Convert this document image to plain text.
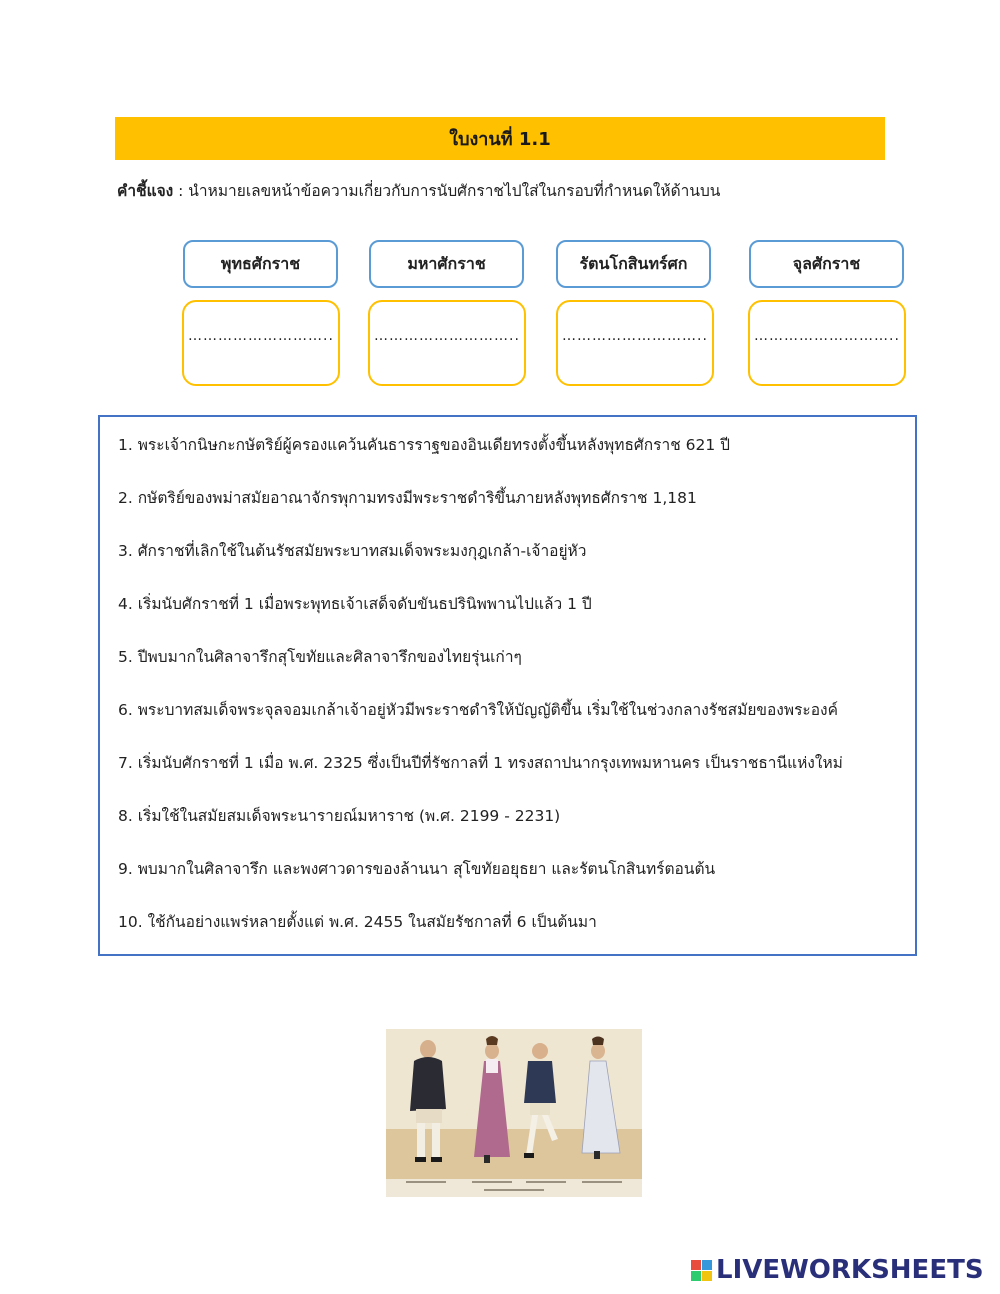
ใบงานที่ 1.1
คำชี้แจง : นำหมายเลขหน้าข้อความเกี่ยวกับการนับศักราชไปใส่ในกรอบที่กำหนดให้ด้านบน
พุทธศักราช	มหาศักราช	รัตนโกสินทร์ศก	จุลศักราช
………………………..	………………………..	………………………..	………………………..
1. พระเจ้ากนิษกะกษัตริย์ผู้ครองแคว้นคันธารราฐของอินเดียทรงตั้งขึ้นหลังพุทธศักราช 621 ปี
2. กษัตริย์ของพม่าสมัยอาณาจักรพุกามทรงมีพระราชดำริขึ้นภายหลังพุทธศักราช 1,181
3. ศักราชที่เลิกใช้ในต้นรัชสมัยพระบาทสมเด็จพระมงกุฎเกล้า-เจ้าอยู่หัว
4. เริ่มนับศักราชที่ 1 เมื่อพระพุทธเจ้าเสด็จดับขันธปรินิพพานไปแล้ว 1 ปี
5. ปีพบมากในศิลาจารึกสุโขทัยและศิลาจารึกของไทยรุ่นเก่าๆ
6. พระบาทสมเด็จพระจุลจอมเกล้าเจ้าอยู่หัวมีพระราชดำริให้บัญญัติขึ้น เริ่มใช้ในช่วงกลางรัชสมัยของพระองค์
7. เริ่มนับศักราชที่ 1 เมื่อ พ.ศ. 2325 ซึ่งเป็นปีที่รัชกาลที่ 1 ทรงสถาปนากรุงเทพมหานคร เป็นราชธานีแห่งใหม่
8. เริ่มใช้ในสมัยสมเด็จพระนารายณ์มหาราช (พ.ศ. 2199 - 2231)
9. พบมากในศิลาจารึก และพงศาวดารของล้านนา สุโขทัยอยุธยา และรัตนโกสินทร์ตอนต้น
10. ใช้กันอย่างแพร่หลายตั้งแต่ พ.ศ. 2455 ในสมัยรัชกาลที่ 6 เป็นต้นมา
LIVEWORKSHEETS
